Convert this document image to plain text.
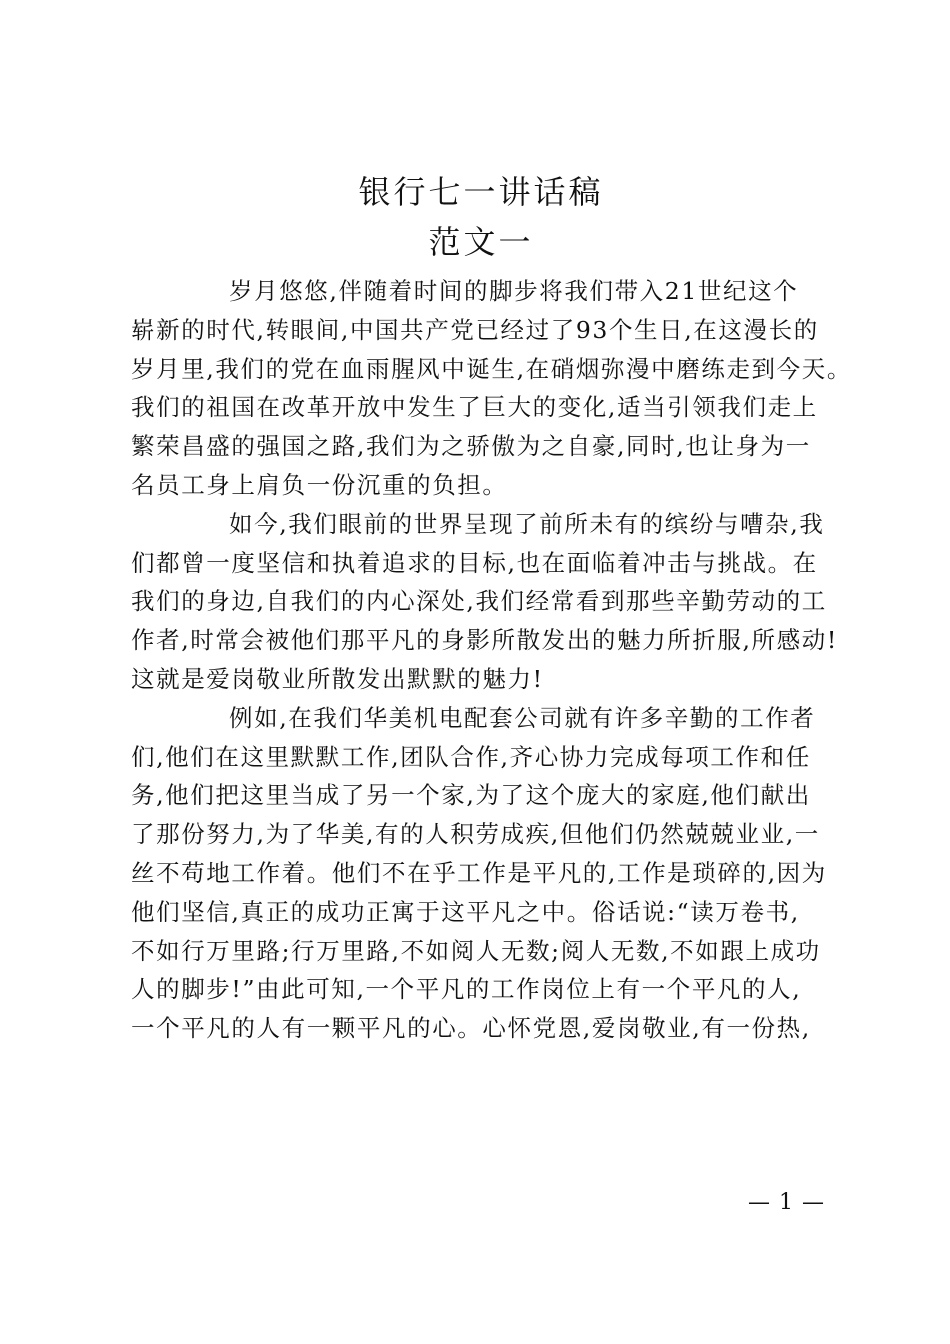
银行七一讲话稿
范文一
岁月悠悠,伴随着时间的脚步将我们带入21世纪这个
崭新的时代,转眼间,中国共产党已经过了93个生日,在这漫长的
岁月里,我们的党在血雨腥风中诞生,在硝烟弥漫中磨练走到今天。
我们的祖国在改革开放中发生了巨大的变化,适当引领我们走上
繁荣昌盛的强国之路,我们为之骄傲为之自豪,同时,也让身为一
名员工身上肩负一份沉重的负担。
如今,我们眼前的世界呈现了前所未有的缤纷与嘈杂,我
们都曾一度坚信和执着追求的目标,也在面临着冲击与挑战。在
我们的身边,自我们的内心深处,我们经常看到那些辛勤劳动的工
作者,时常会被他们那平凡的身影所散发出的魅力所折服,所感动!
这就是爱岗敬业所散发出默默的魅力!
例如,在我们华美机电配套公司就有许多辛勤的工作者
们,他们在这里默默工作,团队合作,齐心协力完成每项工作和任
务,他们把这里当成了另一个家,为了这个庞大的家庭,他们献出
了那份努力,为了华美,有的人积劳成疾,但他们仍然兢兢业业,一
丝不苟地工作着。他们不在乎工作是平凡的,工作是琐碎的,因为
他们坚信,真正的成功正寓于这平凡之中。俗话说:“读万卷书,
不如行万里路;行万里路,不如阅人无数;阅人无数,不如跟上成功
人的脚步!”由此可知,一个平凡的工作岗位上有一个平凡的人,
一个平凡的人有一颗平凡的心。心怀党恩,爱岗敬业,有一份热,
— 1 —
